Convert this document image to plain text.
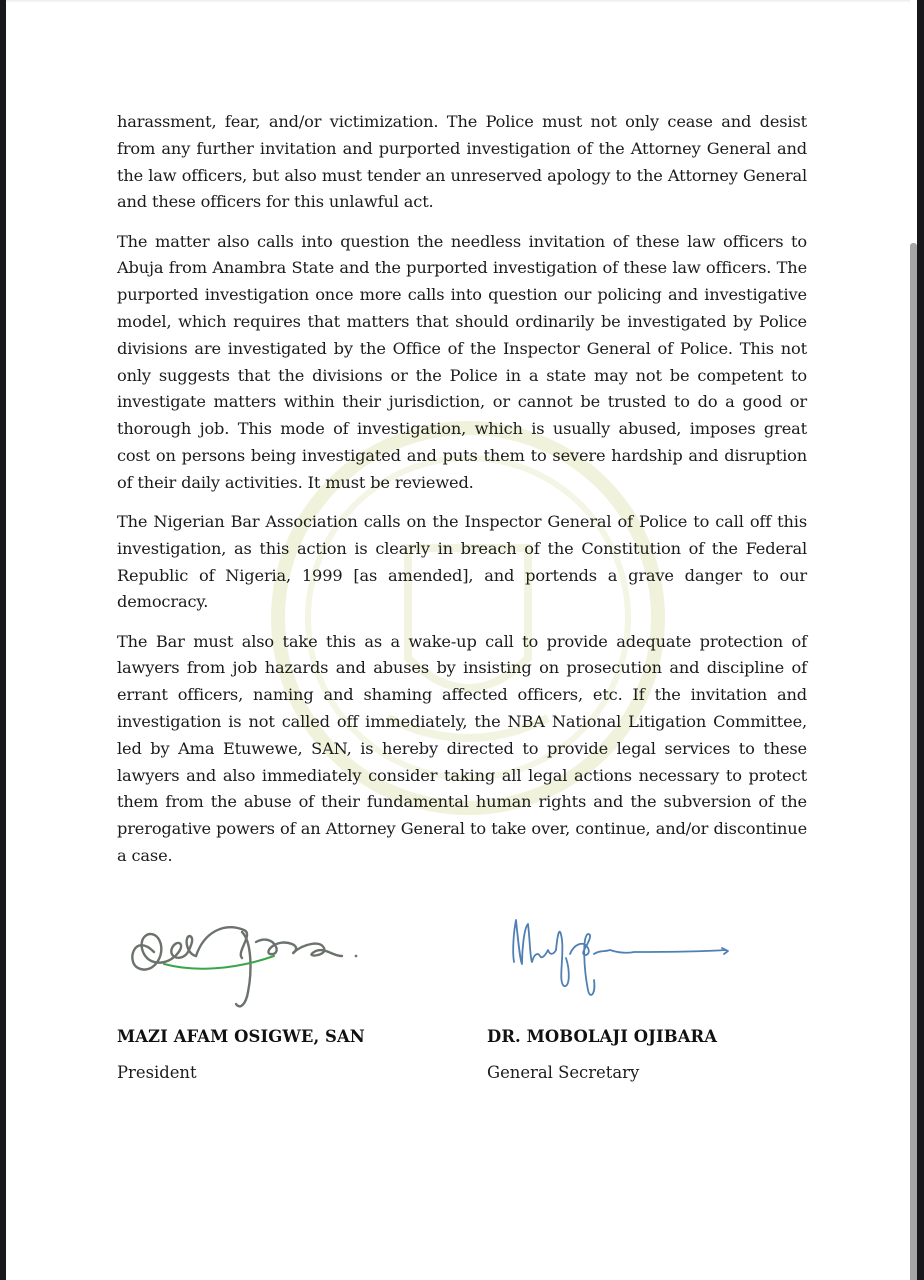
harassment, fear, and/or victimization. The Police must not only cease and desist from any further invitation and purported investigation of the Attorney General and the law officers, but also must tender an unreserved apology to the Attorney General and these officers for this unlawful act.

The matter also calls into question the needless invitation of these law officers to Abuja from Anambra State and the purported investigation of these law officers. The purported investigation once more calls into question our policing and investigative model, which requires that matters that should ordinarily be investigated by Police divisions are investigated by the Office of the Inspector General of Police. This not only suggests that the divisions or the Police in a state may not be competent to investigate matters within their jurisdiction, or cannot be trusted to do a good or thorough job. This mode of investigation, which is usually abused, imposes great cost on persons being investigated and puts them to severe hardship and disruption of their daily activities. It must be reviewed.

The Nigerian Bar Association calls on the Inspector General of Police to call off this investigation, as this action is clearly in breach of the Constitution of the Federal Republic of Nigeria, 1999 [as amended], and portends a grave danger to our democracy.

The Bar must also take this as a wake-up call to provide adequate protection of lawyers from job hazards and abuses by insisting on prosecution and discipline of errant officers, naming and shaming affected officers, etc. If the invitation and investigation is not called off immediately, the NBA National Litigation Committee, led by Ama Etuwewe, SAN, is hereby directed to provide legal services to these lawyers and also immediately consider taking all legal actions necessary to protect them from the abuse of their fundamental human rights and the subversion of the prerogative powers of an Attorney General to take over, continue, and/or discontinue a case.

MAZI AFAM OSIGWE, SAN
President
DR. MOBOLAJI OJIBARA
General Secretary
